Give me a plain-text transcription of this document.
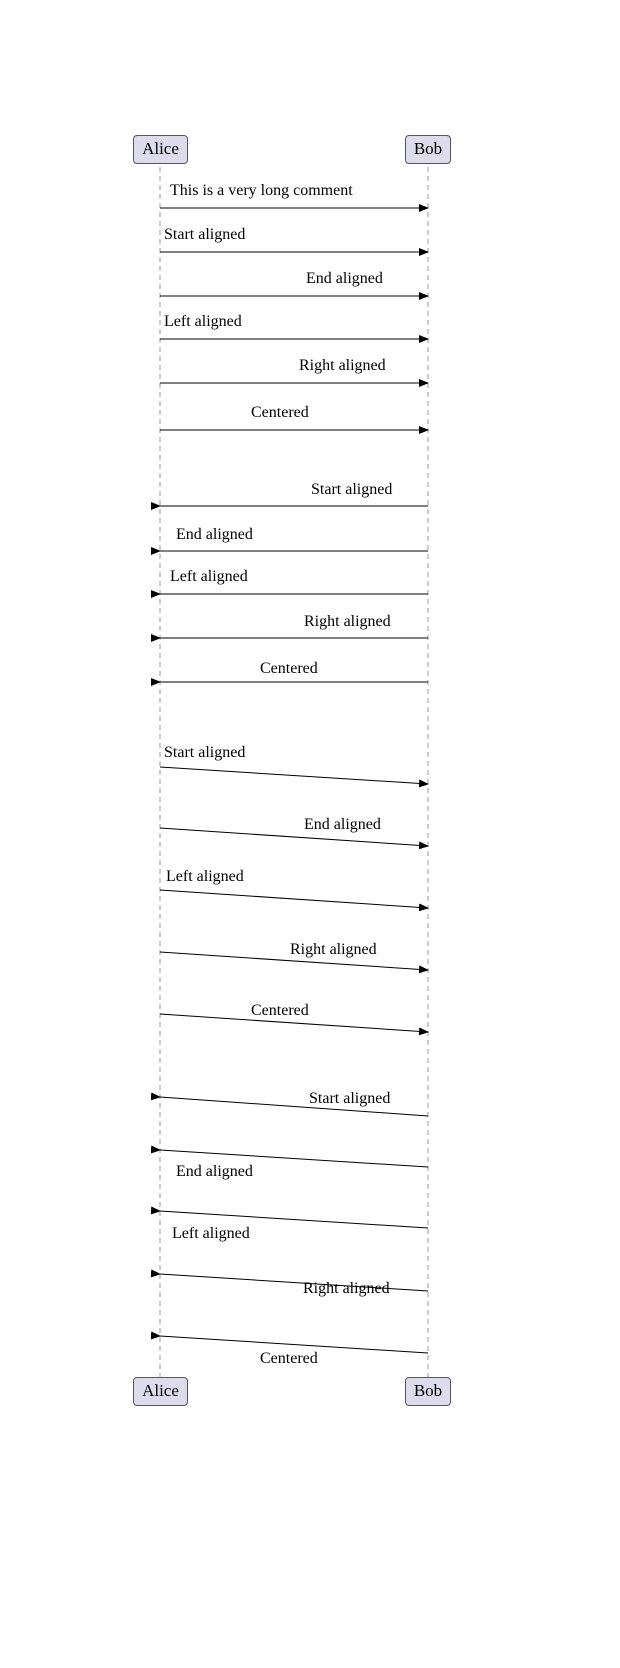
This is a very long comment
Start aligned
End aligned
Left aligned
Right aligned
Centered
Start aligned
End aligned
Left aligned
Right aligned
Centered
Start aligned
End aligned
Left aligned
Right aligned
Centered
Start aligned
End aligned
Left aligned
Right aligned
Centered
Alice	Bob
Alice	Bob
